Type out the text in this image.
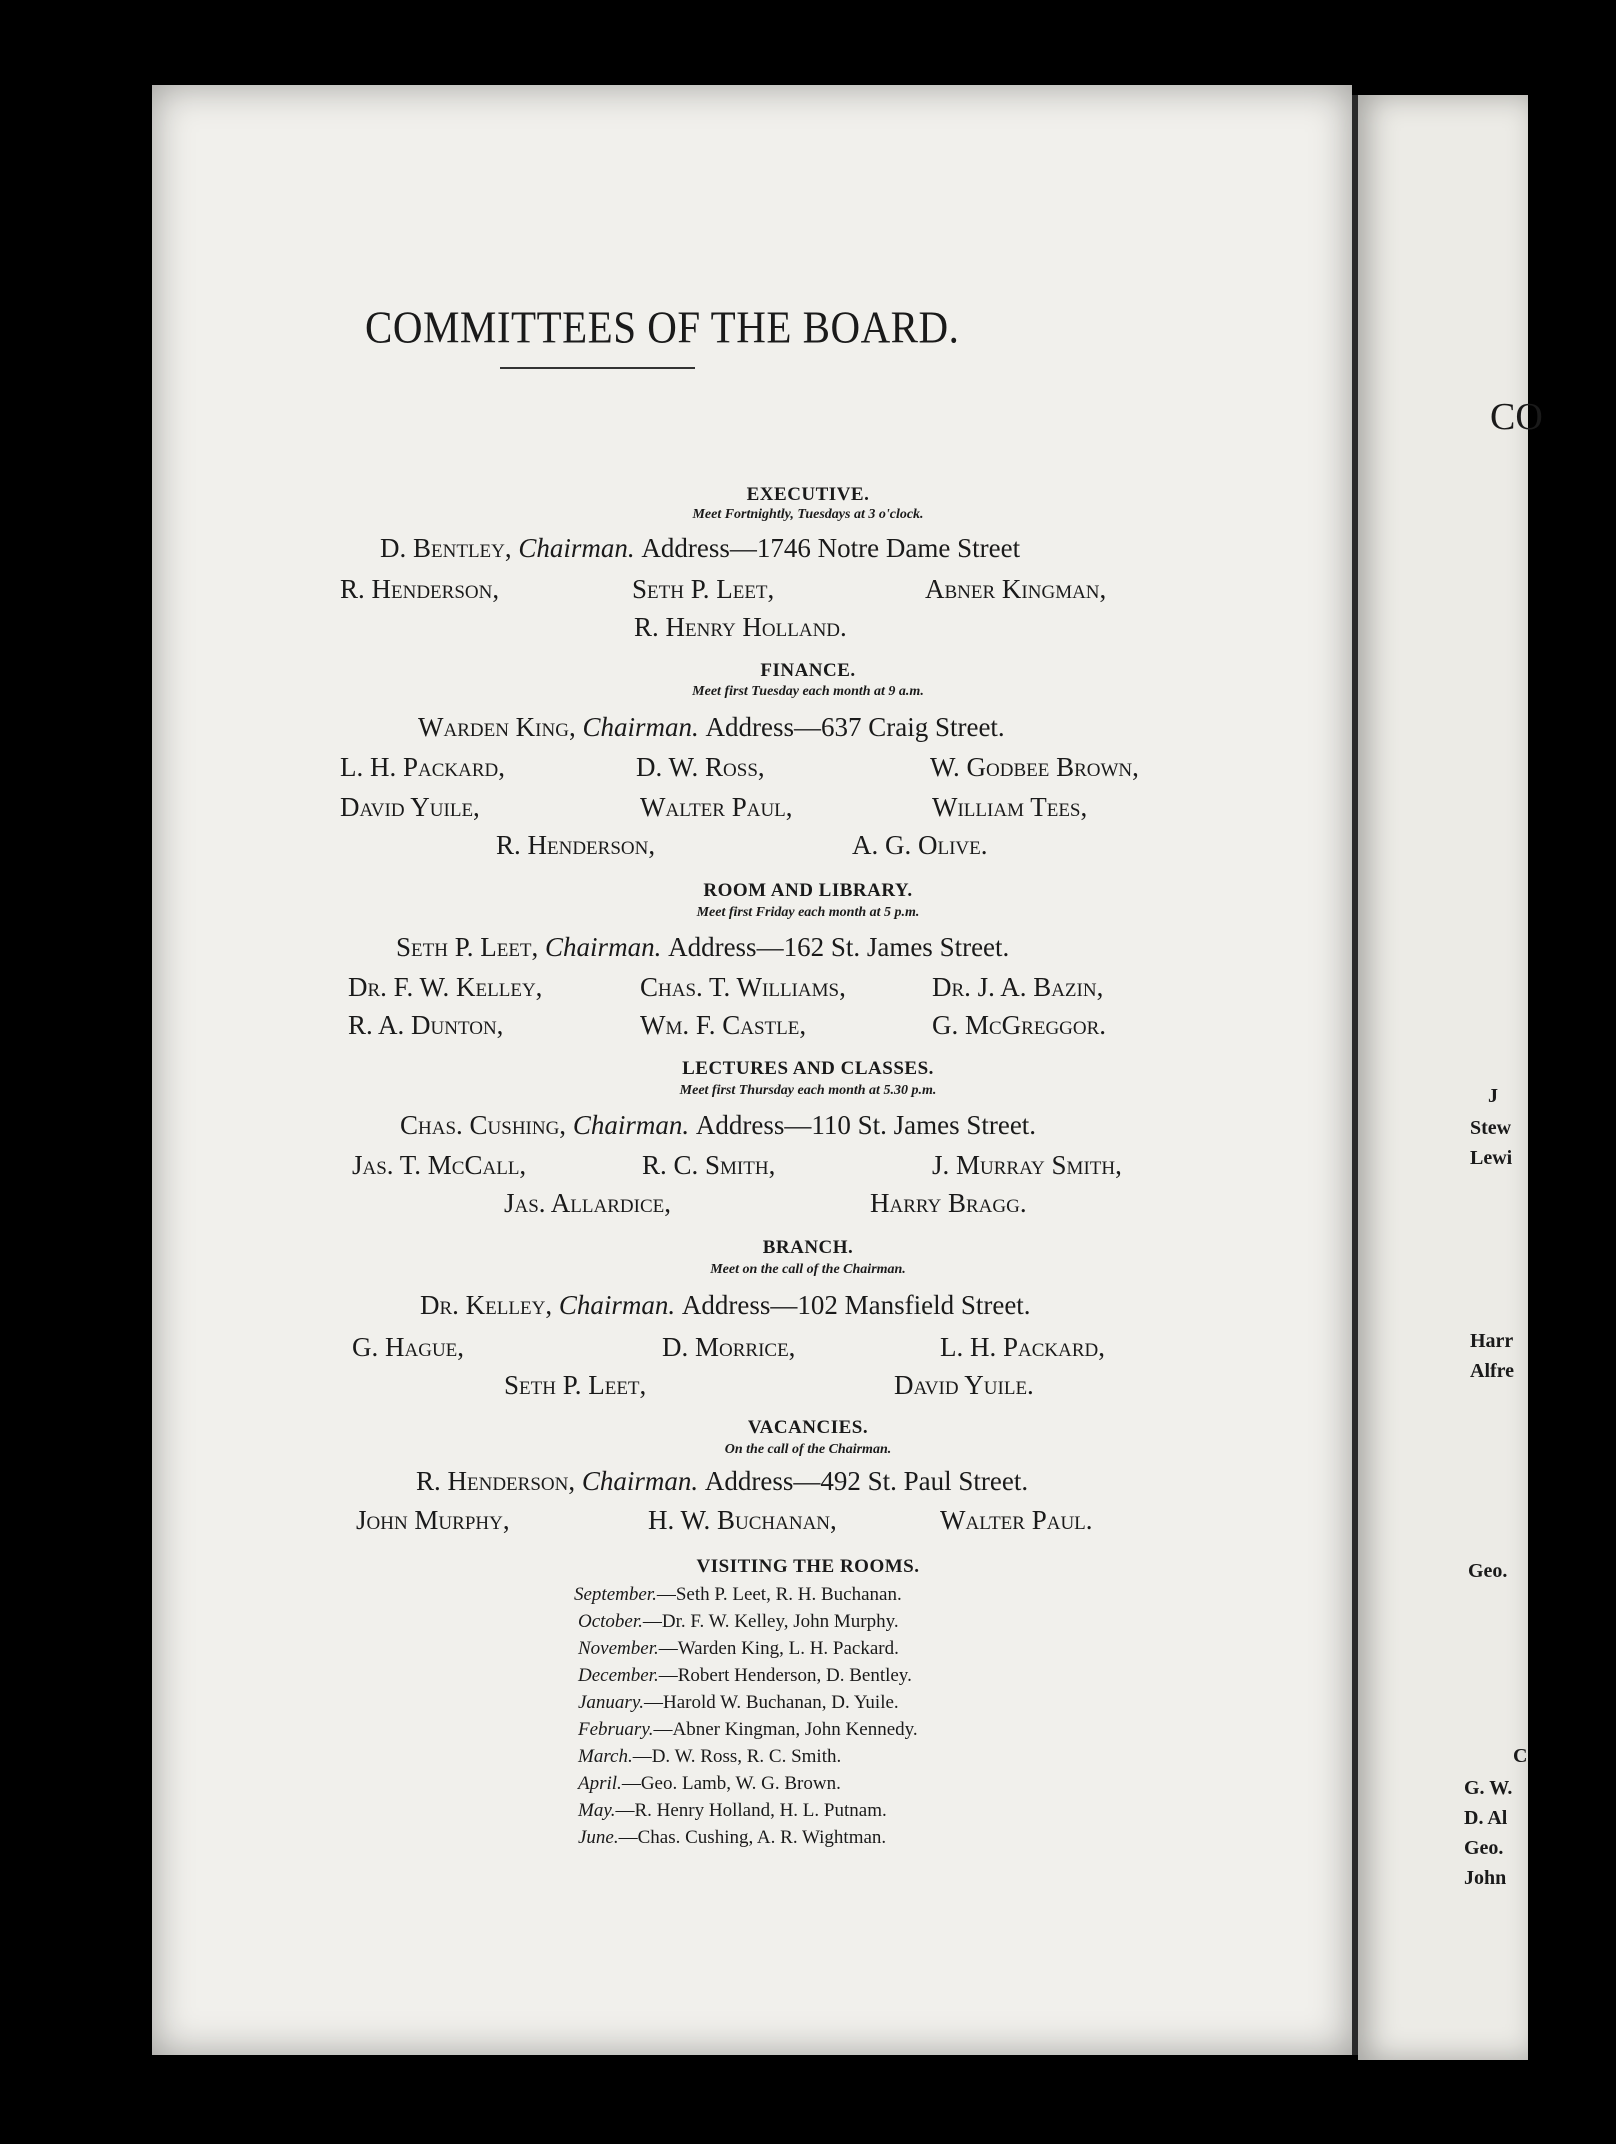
CO
J
Stew
Lewi
Harr
Alfre
Geo.
C
G. W.
D. Al
Geo.
John
COMMITTEES OF THE BOARD.
EXECUTIVE.
Meet Fortnightly, Tuesdays at 3 o'clock.
D. Bentley, Chairman. Address—1746 Notre Dame Street
R. Henderson,	Seth P. Leet,	Abner Kingman,
R. Henry Holland.
FINANCE.
Meet first Tuesday each month at 9 a.m.
Warden King, Chairman. Address—637 Craig Street.
L. H. Packard,	D. W. Ross,	W. Godbee Brown,
David Yuile,	Walter Paul,	William Tees,
R. Henderson,	A. G. Olive.
ROOM AND LIBRARY.
Meet first Friday each month at 5 p.m.
Seth P. Leet, Chairman. Address—162 St. James Street.
Dr. F. W. Kelley,	Chas. T. Williams,	Dr. J. A. Bazin,
R. A. Dunton,	Wm. F. Castle,	G. McGreggor.
LECTURES AND CLASSES.
Meet first Thursday each month at 5.30 p.m.
Chas. Cushing, Chairman. Address—110 St. James Street.
Jas. T. McCall,	R. C. Smith,	J. Murray Smith,
Jas. Allardice,	Harry Bragg.
BRANCH.
Meet on the call of the Chairman.
Dr. Kelley, Chairman. Address—102 Mansfield Street.
G. Hague,	D. Morrice,	L. H. Packard,
Seth P. Leet,	David Yuile.
VACANCIES.
On the call of the Chairman.
R. Henderson, Chairman. Address—492 St. Paul Street.
John Murphy,	H. W. Buchanan,	Walter Paul.
VISITING THE ROOMS.
September.—Seth P. Leet, R. H. Buchanan.
October.—Dr. F. W. Kelley, John Murphy.
November.—Warden King, L. H. Packard.
December.—Robert Henderson, D. Bentley.
January.—Harold W. Buchanan, D. Yuile.
February.—Abner Kingman, John Kennedy.
March.—D. W. Ross, R. C. Smith.
April.—Geo. Lamb, W. G. Brown.
May.—R. Henry Holland, H. L. Putnam.
June.—Chas. Cushing, A. R. Wightman.
